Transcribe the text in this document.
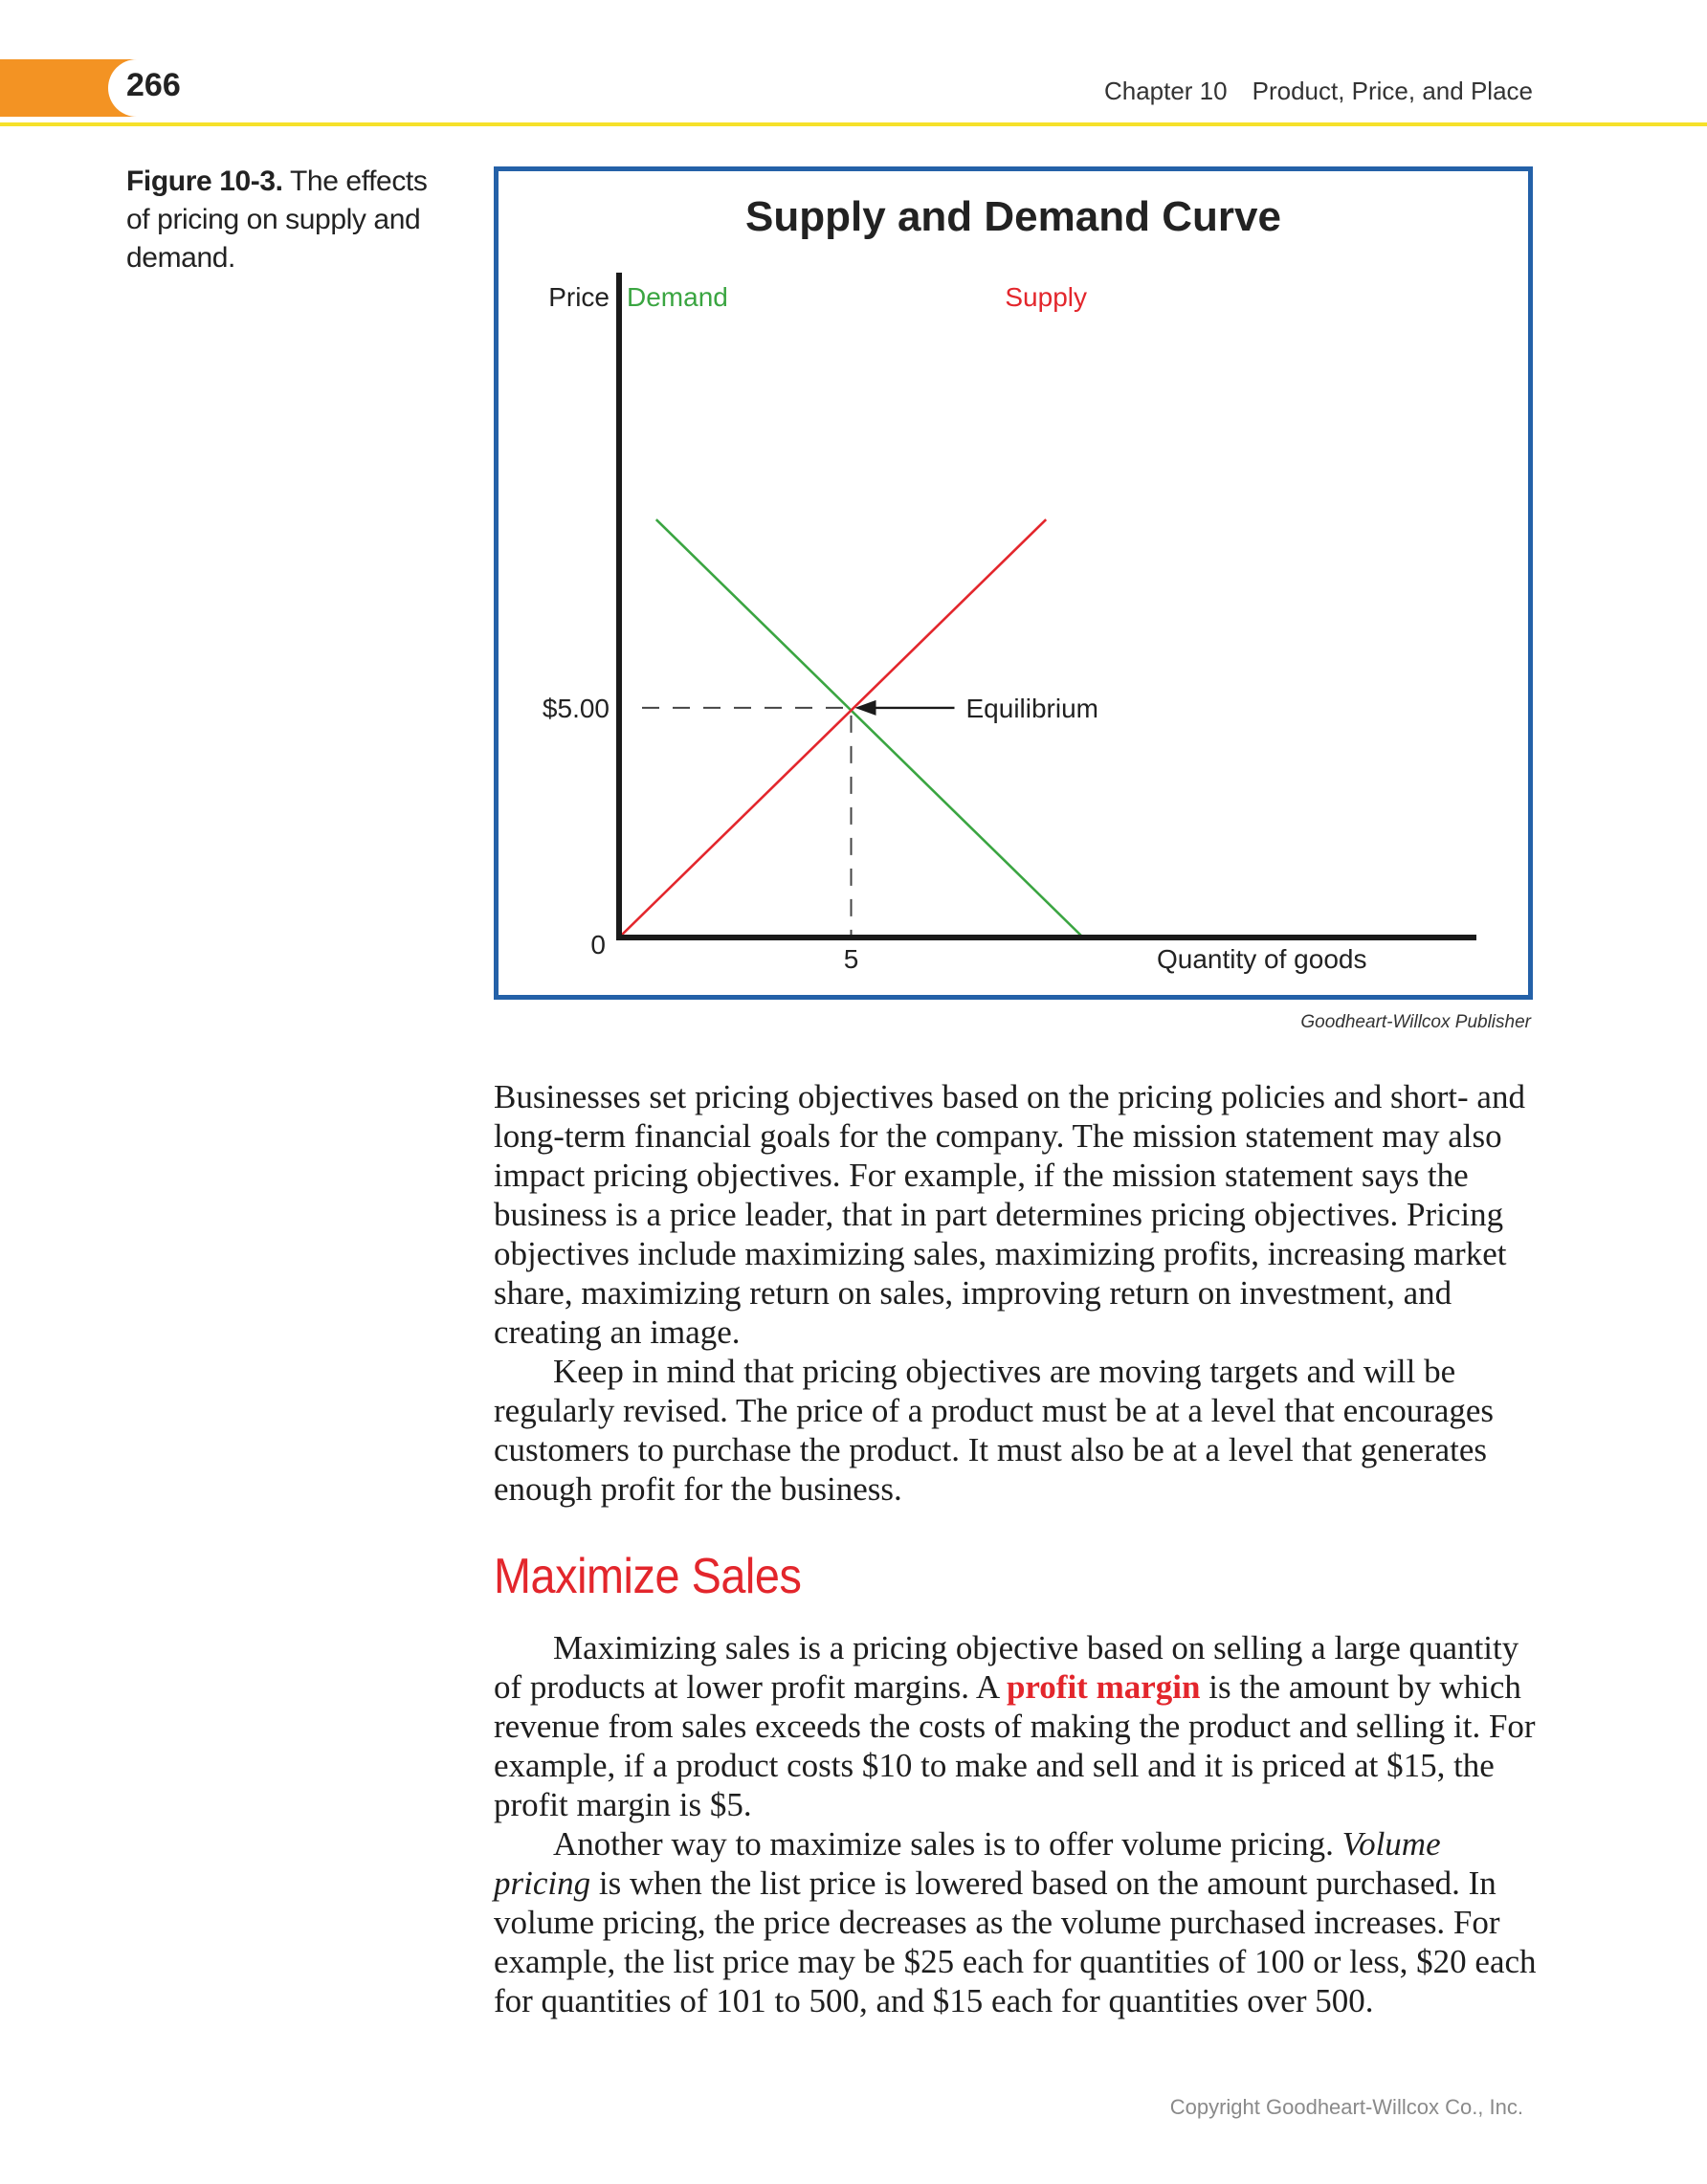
266	Chapter 10 Product, Price, and Place
Figure 10-3. The effects of pricing on supply and demand.
Supply and Demand Curve
Price
Quantity of goods
Demand	Supply
$5.00
0	5
Equilibrium
Goodheart-Willcox Publisher

Businesses set pricing objectives based on the pricing policies and short- and long-term financial goals for the company. The mission statement may also impact pricing objectives. For example, if the mission statement says the business is a price leader, that in part determines pricing objectives. Pricing objectives include maximizing sales, maximizing profits, increasing market share, maximizing return on sales, improving return on investment, and creating an image.

Keep in mind that pricing objectives are moving targets and will be regularly revised. The price of a product must be at a level that encourages customers to purchase the product. It must also be at a level that generates enough profit for the business.

Maximize Sales

Maximizing sales is a pricing objective based on selling a large quantity of products at lower profit margins. A profit margin is the amount by which revenue from sales exceeds the costs of making the product and selling it. For example, if a product costs $10 to make and sell and it is priced at $15, the profit margin is $5.

Another way to maximize sales is to offer volume pricing. Volume pricing is when the list price is lowered based on the amount purchased. In volume pricing, the price decreases as the volume purchased increases. For example, the list price may be $25 each for quantities of 100 or less, $20 each for quantities of 101 to 500, and $15 each for quantities over 500.

Copyright Goodheart-Willcox Co., Inc.
